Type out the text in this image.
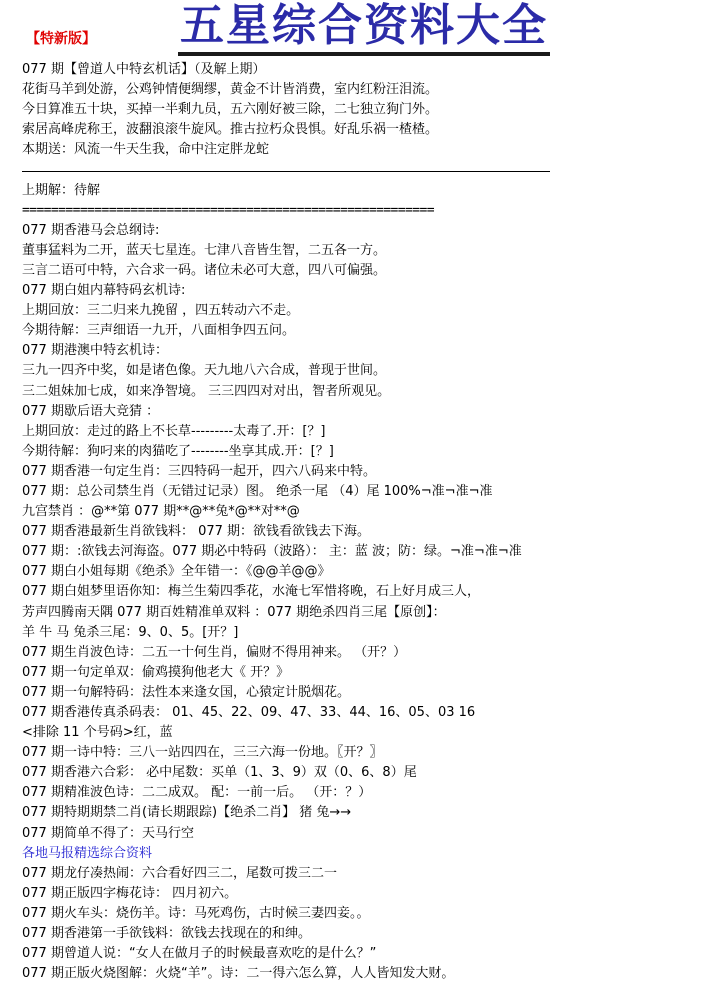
【特新版】 五星综合资料大全
077 期【曾道人中特玄机话】（及解上期）
花街马羊到处游，公鸡钟情便绸缪，黄金不计皆消费，室内红粉汪泪流。
今日算准五十块，买掉一半剩九员，五六刚好被三除，二七独立狗门外。
索居高峰虎称王，波翻浪滚牛旋风。推古拉朽众畏惧。好乱乐祸一楂楂。
本期送：风流一牛天生我，命中注定胖龙蛇
上期解：待解
=========================================================
077 期香港马会总纲诗:
董事猛料为二开，蓝天七星连。七津八音皆生智，二五各一方。
三言二语可中特，六合求一码。诸位未必可大意，四八可偏强。
077 期白姐内幕特码玄机诗:
上期回放：三二归来九挽留 ，四五转动六不走。
今期待解：三声细语一九开，八面相争四五问。
077 期港澳中特玄机诗：
三九一四齐中奖，如是诸色像。天九地八六合成，普现于世间。
三二姐妹加七成，如来净智境。 三三四四对对出，智者所观见。
077 期歇后语大竞猜 ：
上期回放：走过的路上不长草---------太毒了.开：[？]
今期待解：狗叼来的肉猫吃了--------坐享其成.开：[？]
077 期香港一句定生肖：三四特码一起开，四六八码来中特。
077 期：总公司禁生肖（无错过记录）图。 绝杀一尾 （4）尾 100%¬准¬准¬准
九宫禁肖 ：@**第 077 期**@**兔*@**对**@
077 期香港最新生肖欲钱料： 077 期：欲钱看欲钱去下海。
077 期：:欲钱去河海盗。077 期必中特码（波路）： 主：蓝 波；防：绿。¬准¬准¬准
077 期白小姐每期《绝杀》全年错一：《@@羊@@》
077 期白姐梦里语你知：梅兰生菊四季花，水淹七军惜将晚，石上好月成三人，
芳声四腾南天隅 077 期百姓精准单双料 ：077 期绝杀四肖三尾【原创】：
羊 牛 马 兔杀三尾：9、0、5。[开？]
077 期生肖波色诗：二五一十何生肖，偏财不得用神来。 （开？）
077 期一句定单双：偷鸡摸狗他老大《 开？》
077 期一句解特码：法性本来逢女国，心猿定计脱烟花。
077 期香港传真杀码表： 01、45、22、09、47、33、44、16、05、03 16
<排除 11 个号码>红，蓝
077 期一诗中特：三八一站四四在，三三六海一份地。〖开？〗
077 期香港六合彩： 必中尾数：买单（1、3、9）双（0、6、8）尾
077 期精准波色诗：二二成双。 配：一前一后。 （开：？）
077 期特期期禁二肖(请长期跟踪)【绝杀二肖】 猪 兔→→
077 期简单不得了：天马行空
各地马报精选综合资料
077 期龙仔凑热闹：六合看好四三二，尾数可拨三二一
077 期正版四字梅花诗： 四月初六。
077 期火车头：烧伤羊。诗：马死鸡伤，古时候三妻四妾。。
077 期香港第一手欲钱料：欲钱去找现在的和绅。
077 期曾道人说：“女人在做月子的时候最喜欢吃的是什么？”
077 期正版火烧图解：火烧“羊”。诗：二一得六怎么算，人人皆知发大财。
